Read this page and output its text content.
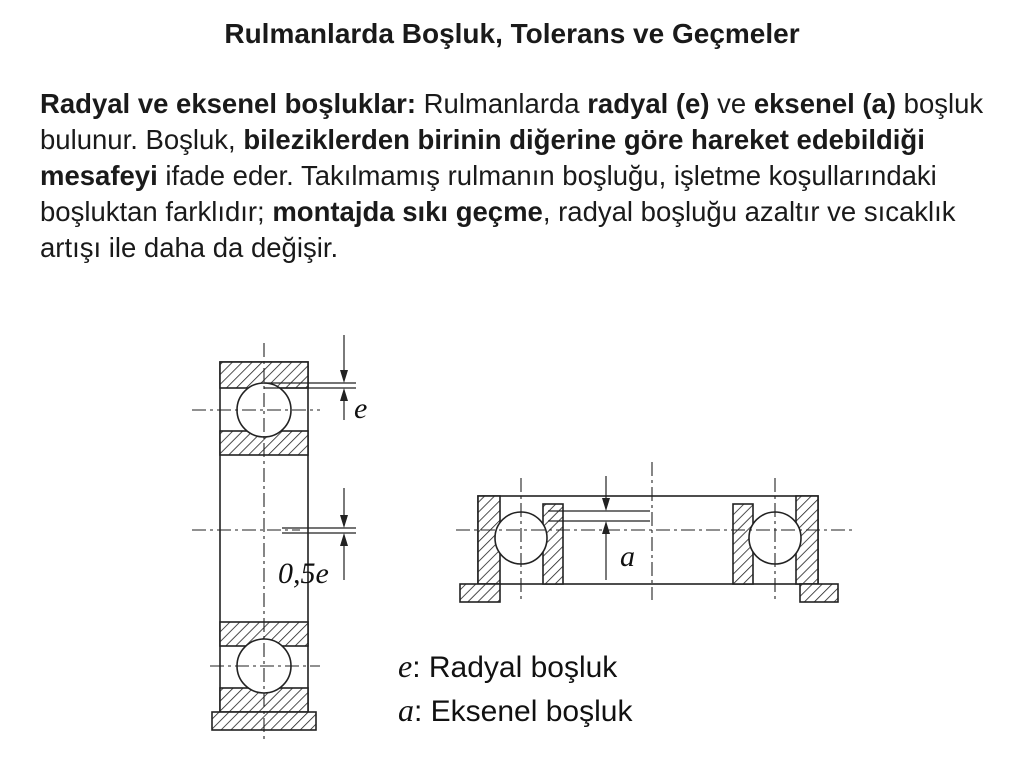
Rulmanlarda Boşluk, Tolerans ve Geçmeler
Radyal ve eksenel boşluklar: Rulmanlarda radyal (e) ve eksenel (a) boşluk bulunur. Boşluk, bileziklerden birinin diğerine göre hareket edebildiği mesafeyi ifade eder. Takılmamış rulmanın boşluğu, işletme koşullarındaki boşluktan farklıdır; montajda sıkı geçme, radyal boşluğu azaltır ve sıcaklık artışı ile daha da değişir.
e
0,5e
a
e: Radyal boşluk
a: Eksenel boşluk
